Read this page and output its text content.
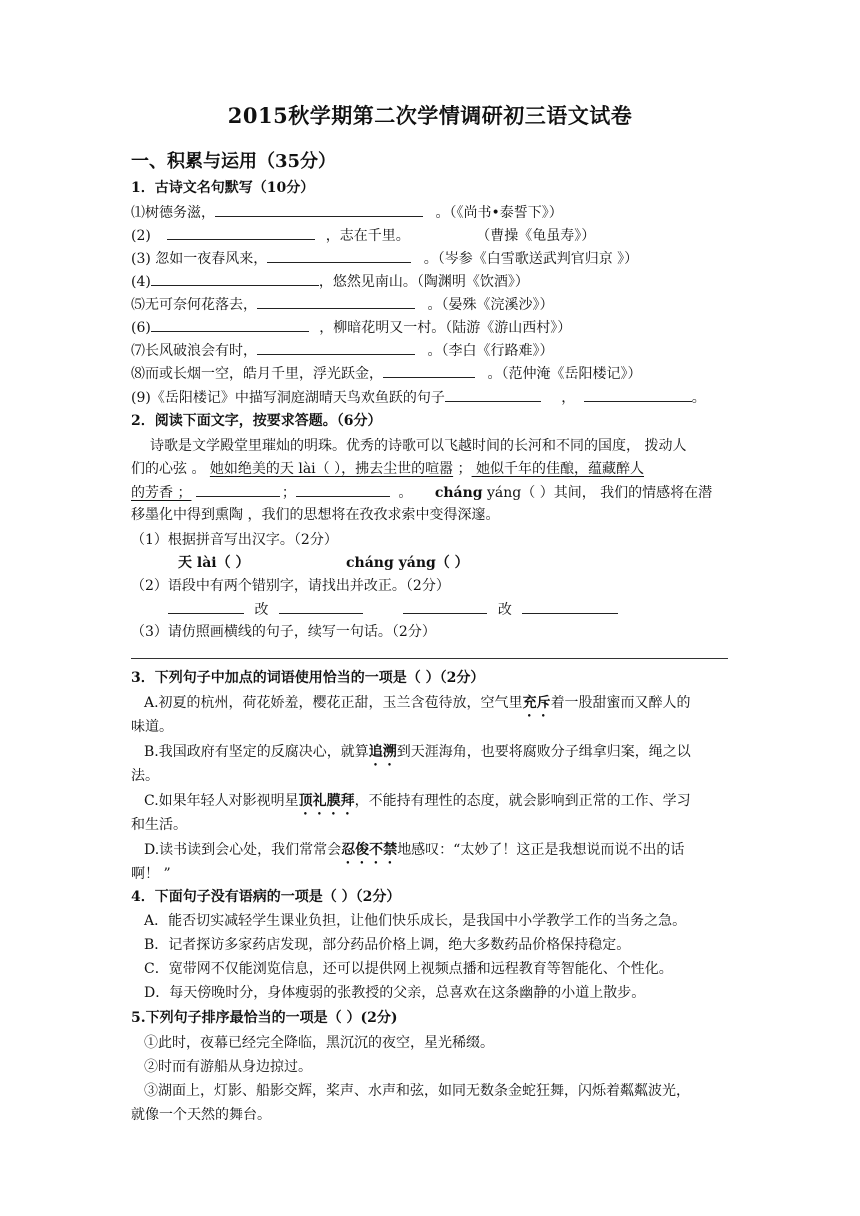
2015秋学期第二次学情调研初三语文试卷
一、积累与运用（35分）
1．古诗文名句默写（10分）
⑴树德务滋，	。（《尚书•泰誓下》）
(2)	，志在千里。	（曹操《龟虽寿》）
(3) 忽如一夜春风来，	。（岑参《白雪歌送武判官归京 》）
(4)	，悠然见南山。（陶渊明《饮酒》）
⑸无可奈何花落去，	。（晏殊《浣溪沙》）
(6)	，柳暗花明又一村。（陆游《游山西村》）
⑺长风破浪会有时，	。（李白《行路难》）
⑻而或长烟一空，皓月千里，浮光跃金，	。（范仲淹《岳阳楼记》）
(9)《岳阳楼记》中描写洞庭湖晴天鸟欢鱼跃的句子	，	。
2．阅读下面文字，按要求答题。（6分）
诗歌是文学殿堂里璀灿的明珠。优秀的诗歌可以飞越时间的长河和不同的国度， 拨动人
们的心弦 。 她如绝美的天 lài（ ），拂去尘世的喧嚣 ； 她似千年的佳酿，蕴藏醉人
的芳香 ；	；	。 cháng yáng（ ）其间， 我们的情感将在潜
移墨化中得到熏陶 ，我们的思想将在孜孜求索中变得深邃。
（1）根据拼音写出汉字。（2分）
天 lài（ ）	cháng yáng（ ）
（2）语段中有两个错别字，请找出并改正。（2分）
改	改
（3）请仿照画横线的句子，续写一句话。（2分）
3．下列句子中加点的词语使用恰当的一项是（ ）（2分）
A.初夏的杭州，荷花娇羞，樱花正甜，玉兰含苞待放，空气里充斥着一股甜蜜而又醉人的
味道。
B.我国政府有坚定的反腐决心，就算追溯到天涯海角，也要将腐败分子缉拿归案，绳之以
法。
C.如果年轻人对影视明星顶礼膜拜，不能持有理性的态度，就会影响到正常的工作、学习
和生活。
D.读书读到会心处，我们常常会忍俊不禁地感叹：“太妙了！这正是我想说而说不出的话
啊！ ”
4．下面句子没有语病的一项是（ ）（2分）
A．能否切实减轻学生课业负担，让他们快乐成长，是我国中小学教学工作的当务之急。
B．记者探访多家药店发现，部分药品价格上调，绝大多数药品价格保持稳定。
C．宽带网不仅能浏览信息，还可以提供网上视频点播和远程教育等智能化、个性化。
D．每天傍晚时分，身体瘦弱的张教授的父亲，总喜欢在这条幽静的小道上散步。
5.下列句子排序最恰当的一项是（ ）(2分)
①此时，夜幕已经完全降临，黑沉沉的夜空，星光稀缀。
②时而有游船从身边掠过。
③湖面上，灯影、船影交辉，桨声、水声和弦，如同无数条金蛇狂舞，闪烁着粼粼波光，
就像一个天然的舞台。
